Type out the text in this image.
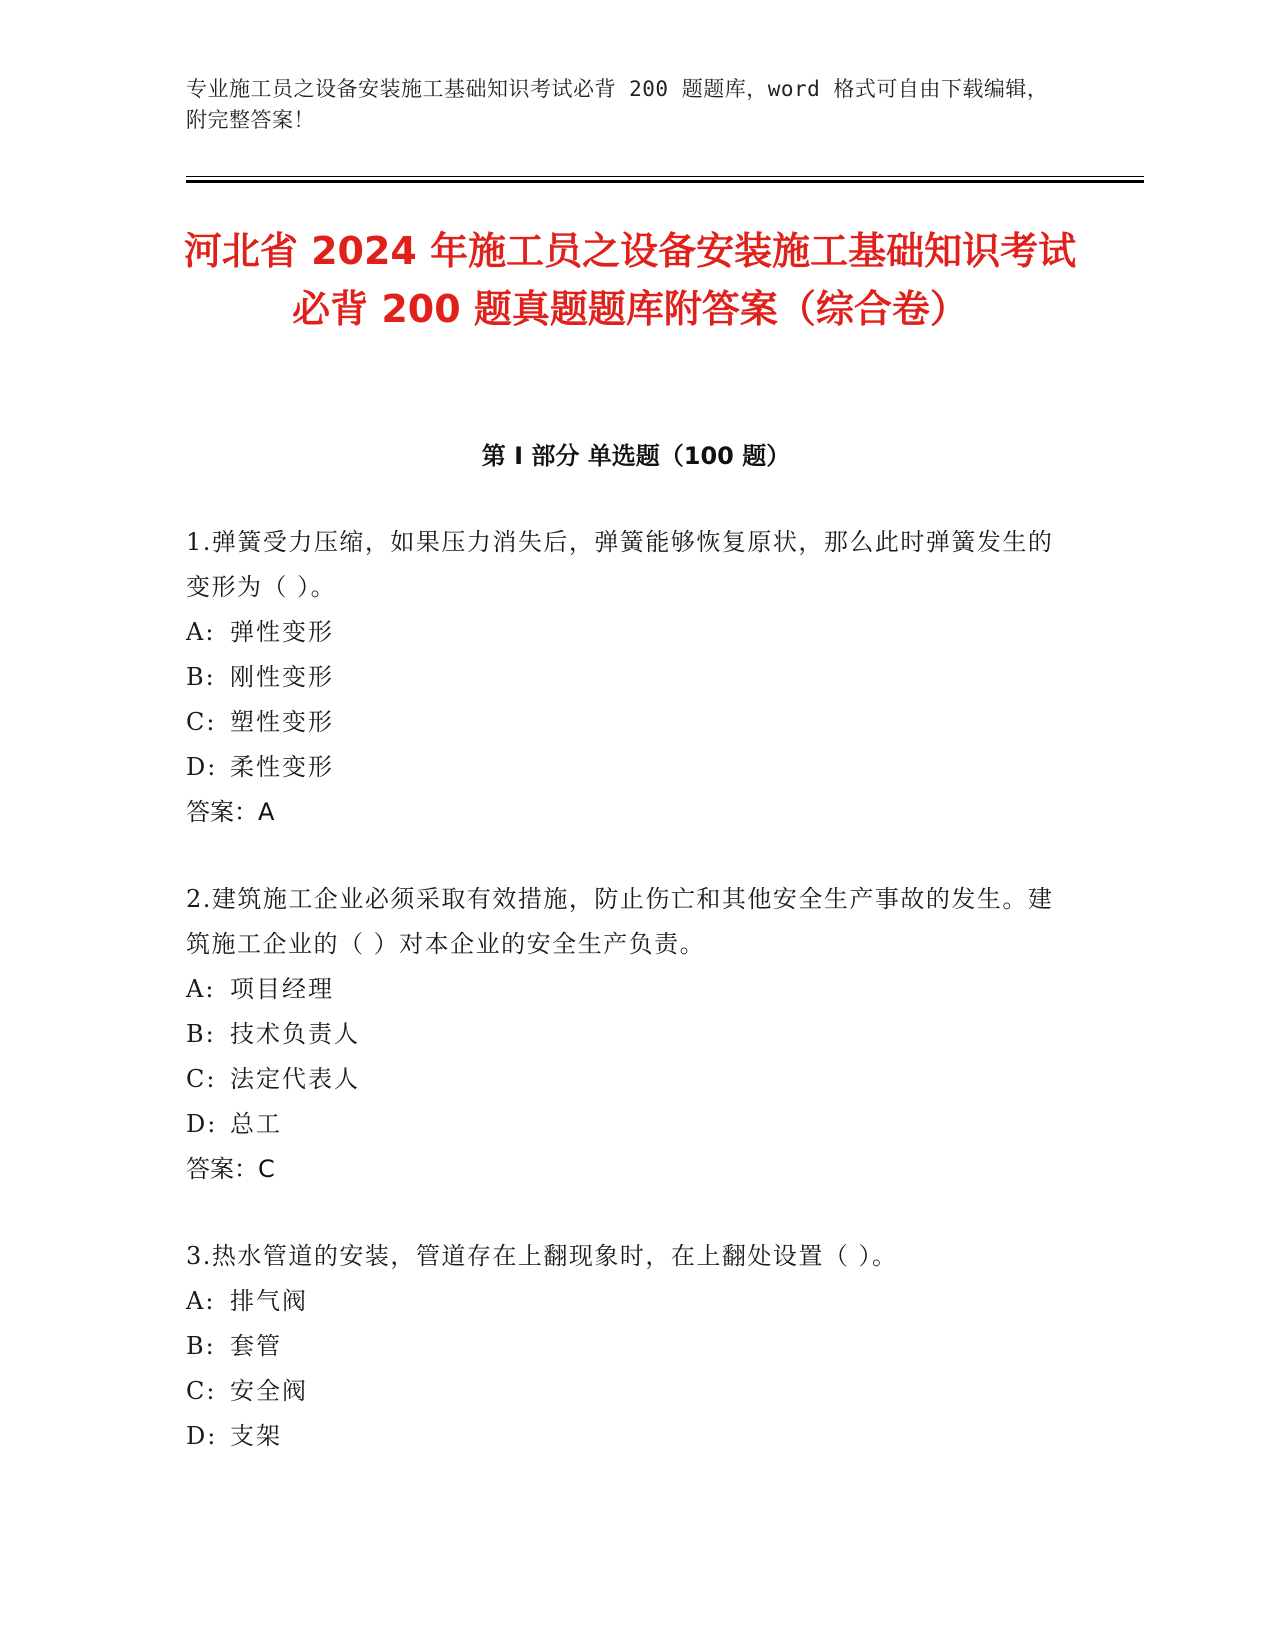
专业施工员之设备安装施工基础知识考试必背 200 题题库，word 格式可自由下载编辑，附完整答案！
河北省 2024 年施工员之设备安装施工基础知识考试必背 200 题真题题库附答案（综合卷）
第 I 部分 单选题（100 题）
1.弹簧受力压缩，如果压力消失后，弹簧能够恢复原状，那么此时弹簧发生的变形为（ ）。
A: 弹性变形
B: 刚性变形
C: 塑性变形
D: 柔性变形
答案：A
2.建筑施工企业必须采取有效措施，防止伤亡和其他安全生产事故的发生。建筑施工企业的（ ）对本企业的安全生产负责。
A: 项目经理
B: 技术负责人
C: 法定代表人
D: 总工
答案：C
3.热水管道的安装，管道存在上翻现象时，在上翻处设置（ ）。
A: 排气阀
B: 套管
C: 安全阀
D: 支架
